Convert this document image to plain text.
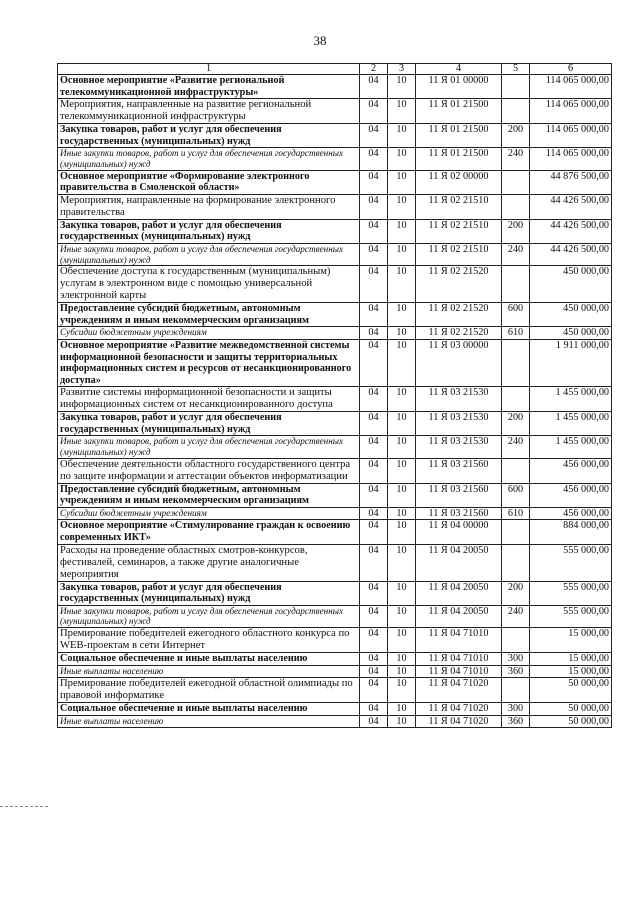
38
1	2	3	4	5	6
Основное мероприятие «Развитие региональной телекоммуникационной инфраструктуры»	04	10	11 Я 01 00000		114 065 000,00
Мероприятия, направленные на развитие региональной телекоммуникационной инфраструктуры	04	10	11 Я 01 21500		114 065 000,00
Закупка товаров, работ и услуг для обеспечения государственных (муниципальных) нужд	04	10	11 Я 01 21500	200	114 065 000,00
Иные закупки товаров, работ и услуг для обеспечения государственных (муниципальных) нужд	04	10	11 Я 01 21500	240	114 065 000,00
Основное мероприятие «Формирование электронного правительства в Смоленской области»	04	10	11 Я 02 00000		44 876 500,00
Мероприятия, направленные на формирование электронного правительства	04	10	11 Я 02 21510		44 426 500,00
Закупка товаров, работ и услуг для обеспечения государственных (муниципальных) нужд	04	10	11 Я 02 21510	200	44 426 500,00
Иные закупки товаров, работ и услуг для обеспечения государственных (муниципальных) нужд	04	10	11 Я 02 21510	240	44 426 500,00
Обеспечение доступа к государственным (муниципальным) услугам в электронном виде с помощью универсальной электронной карты	04	10	11 Я 02 21520		450 000,00
Предоставление субсидий бюджетным, автономным учреждениям и иным некоммерческим организациям	04	10	11 Я 02 21520	600	450 000,00
Субсидии бюджетным учреждениям	04	10	11 Я 02 21520	610	450 000,00
Основное мероприятие «Развитие межведомственной системы информационной безопасности и защиты территориальных информационных систем и ресурсов от несанкционированного доступа»	04	10	11 Я 03 00000		1 911 000,00
Развитие системы информационной безопасности и защиты информационных систем от несанкционированного доступа	04	10	11 Я 03 21530		1 455 000,00
Закупка товаров, работ и услуг для обеспечения государственных (муниципальных) нужд	04	10	11 Я 03 21530	200	1 455 000,00
Иные закупки товаров, работ и услуг для обеспечения государственных (муниципальных) нужд	04	10	11 Я 03 21530	240	1 455 000,00
Обеспечение деятельности областного государственного центра по защите информации и аттестации объектов информатизации	04	10	11 Я 03 21560		456 000,00
Предоставление субсидий бюджетным, автономным учреждениям и иным некоммерческим организациям	04	10	11 Я 03 21560	600	456 000,00
Субсидии бюджетным учреждениям	04	10	11 Я 03 21560	610	456 000,00
Основное мероприятие «Стимулирование граждан к освоению современных ИКТ»	04	10	11 Я 04 00000		884 000,00
Расходы на проведение областных смотров-конкурсов, фестивалей, семинаров, а также другие аналогичные мероприятия	04	10	11 Я 04 20050		555 000,00
Закупка товаров, работ и услуг для обеспечения государственных (муниципальных) нужд	04	10	11 Я 04 20050	200	555 000,00
Иные закупки товаров, работ и услуг для обеспечения государственных (муниципальных) нужд	04	10	11 Я 04 20050	240	555 000,00
Премирование победителей ежегодного областного конкурса по WEB-проектам в сети Интернет	04	10	11 Я 04 71010		15 000,00
Социальное обеспечение и иные выплаты населению	04	10	11 Я 04 71010	300	15 000,00
Иные выплаты населению	04	10	11 Я 04 71010	360	15 000,00
Премирование победителей ежегодной областной олимпиады по правовой информатике	04	10	11 Я 04 71020		50 000,00
Социальное обеспечение и иные выплаты населению	04	10	11 Я 04 71020	300	50 000,00
Иные выплаты населению	04	10	11 Я 04 71020	360	50 000,00
